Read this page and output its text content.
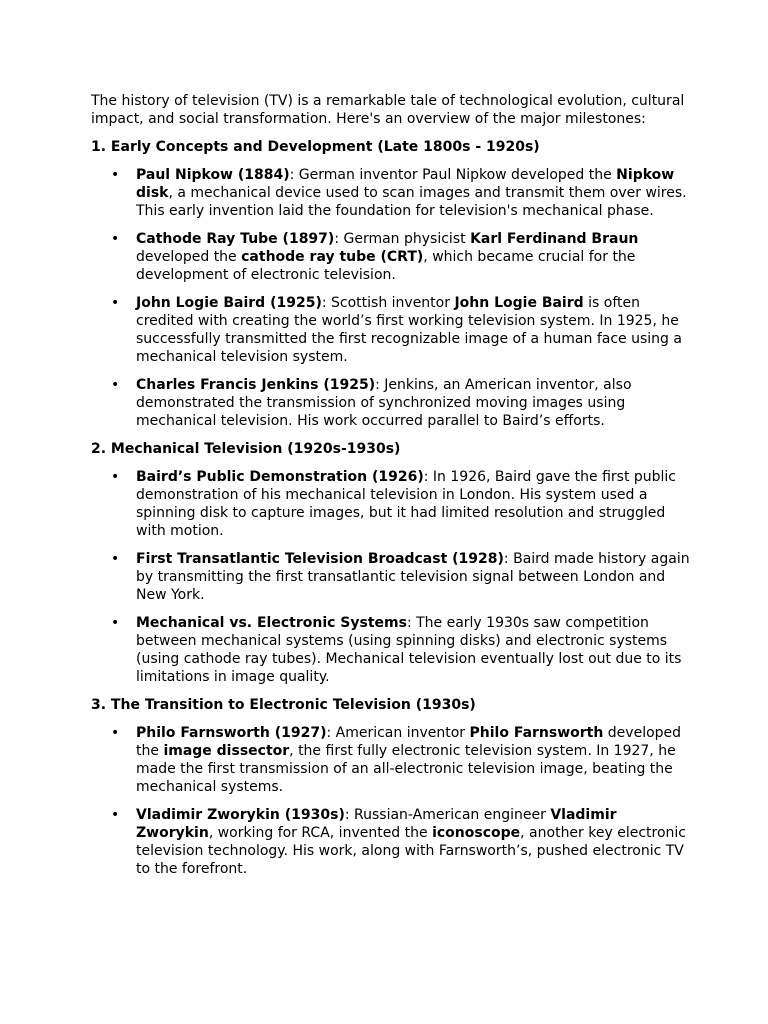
The history of television (TV) is a remarkable tale of technological evolution, cultural impact, and social transformation. Here's an overview of the major milestones:

1. Early Concepts and Development (Late 1800s - 1920s)

• Paul Nipkow (1884): German inventor Paul Nipkow developed the Nipkow disk, a mechanical device used to scan images and transmit them over wires. This early invention laid the foundation for television's mechanical phase.
• Cathode Ray Tube (1897): German physicist Karl Ferdinand Braun developed the cathode ray tube (CRT), which became crucial for the development of electronic television.
• John Logie Baird (1925): Scottish inventor John Logie Baird is often credited with creating the world’s first working television system. In 1925, he successfully transmitted the first recognizable image of a human face using a mechanical television system.
• Charles Francis Jenkins (1925): Jenkins, an American inventor, also demonstrated the transmission of synchronized moving images using mechanical television. His work occurred parallel to Baird’s efforts.

2. Mechanical Television (1920s-1930s)

• Baird’s Public Demonstration (1926): In 1926, Baird gave the first public demonstration of his mechanical television in London. His system used a spinning disk to capture images, but it had limited resolution and struggled with motion.
• First Transatlantic Television Broadcast (1928): Baird made history again by transmitting the first transatlantic television signal between London and New York.
• Mechanical vs. Electronic Systems: The early 1930s saw competition between mechanical systems (using spinning disks) and electronic systems (using cathode ray tubes). Mechanical television eventually lost out due to its limitations in image quality.

3. The Transition to Electronic Television (1930s)

• Philo Farnsworth (1927): American inventor Philo Farnsworth developed the image dissector, the first fully electronic television system. In 1927, he made the first transmission of an all-electronic television image, beating the mechanical systems.
• Vladimir Zworykin (1930s): Russian-American engineer Vladimir Zworykin, working for RCA, invented the iconoscope, another key electronic television technology. His work, along with Farnsworth’s, pushed electronic TV to the forefront.
